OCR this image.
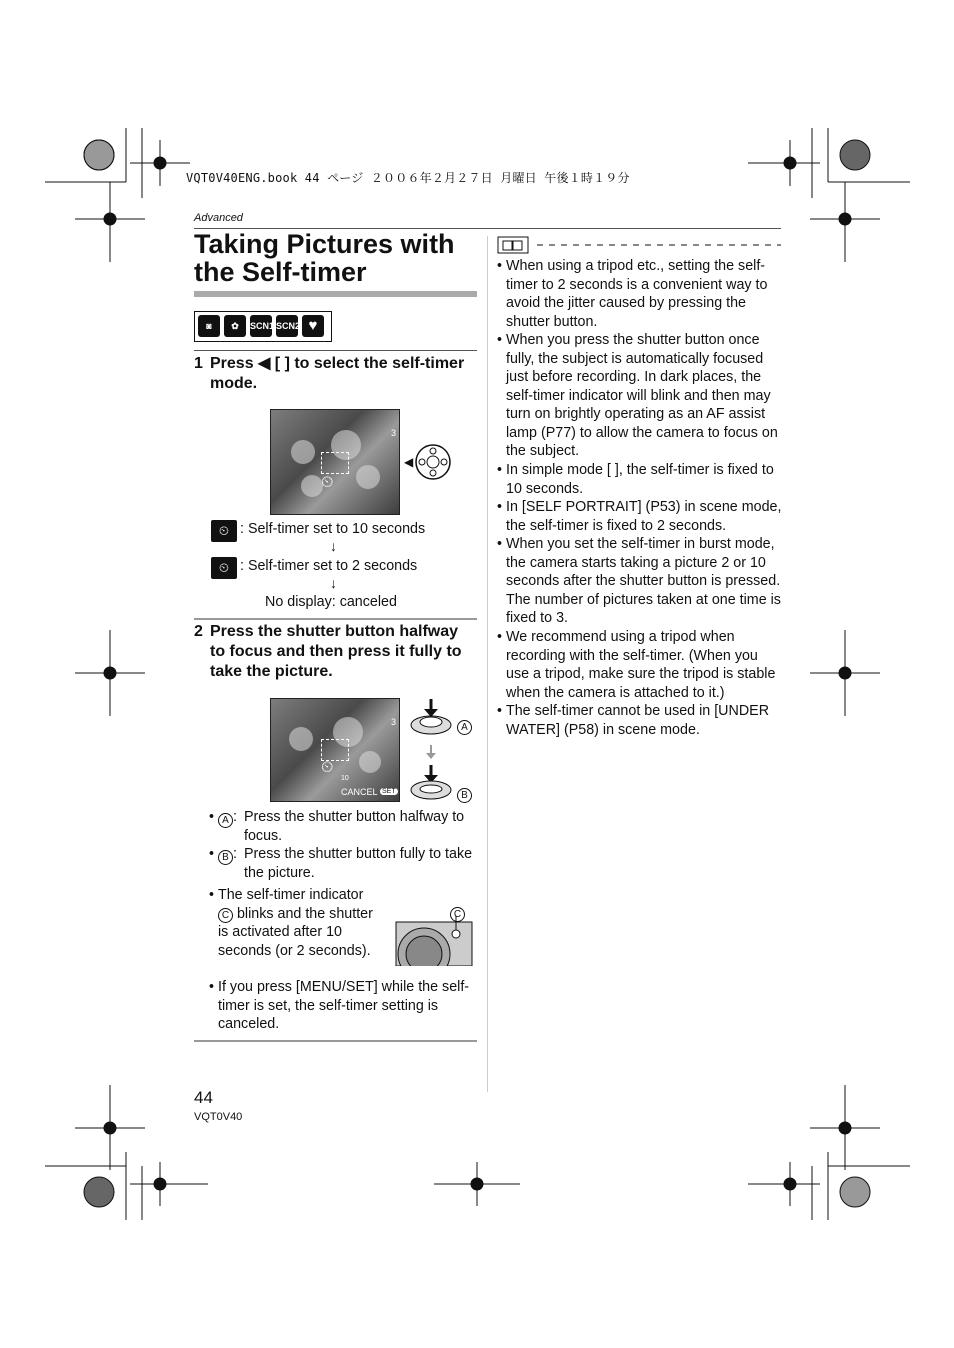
VQT0V40ENG.book 44 ページ ２００６年２月２７日 月曜日 午後１時１９分
Advanced
Taking Pictures with the Self-timer
◙	✿	SCN1 SCN2 ♥
1 Press ◀ [ ] to select the self-timer mode.
3
⏲
◀
⏲ : Self-timer set to 10 seconds
↓
⏲ : Self-timer set to 2 seconds
↓
No display: canceled
2 Press the shutter button halfway to focus and then press it fully to take the picture.
3
⏲
10
CANCEL SET
A
B
• A : Press the shutter button halfway to focus.
• B : Press the shutter button fully to take the picture.
• The self-timer indicator
C blinks and the shutter is activated after 10 seconds (or 2 seconds).
C
• If you press [MENU/SET] while the self-timer is set, the self-timer setting is canceled.
• When using a tripod etc., setting the self-timer to 2 seconds is a convenient way to avoid the jitter caused by pressing the shutter button.
• When you press the shutter button once fully, the subject is automatically focused just before recording. In dark places, the self-timer indicator will blink and then may turn on brightly operating as an AF assist lamp (P77) to allow the camera to focus on the subject.
• In simple mode [ ], the self-timer is fixed to 10 seconds.
• In [SELF PORTRAIT] (P53) in scene mode, the self-timer is fixed to 2 seconds.
• When you set the self-timer in burst mode, the camera starts taking a picture 2 or 10 seconds after the shutter button is pressed. The number of pictures taken at one time is fixed to 3.
• We recommend using a tripod when recording with the self-timer. (When you use a tripod, make sure the tripod is stable when the camera is attached to it.)
• The self-timer cannot be used in [UNDER WATER] (P58) in scene mode.
44
VQT0V40
